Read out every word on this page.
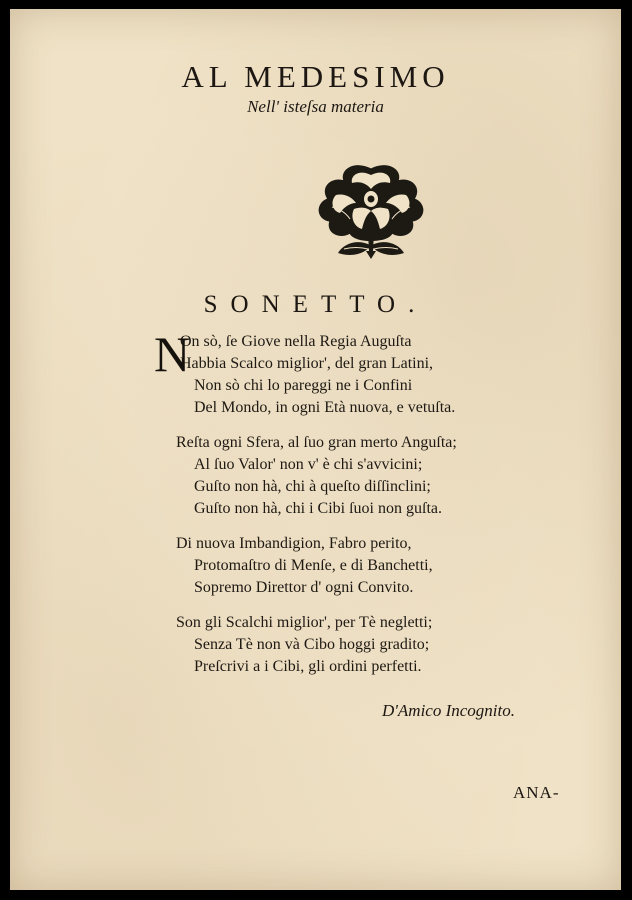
AL MEDESIMO
Nell' isteſsa materia
SONETTO.
N
On sò, ſe Giove nella Regia Auguſta
Habbia Scalco miglior', del gran Latini,
Non sò chi lo pareggi ne i Confini
Del Mondo, in ogni Età nuova, e vetuſta.
Reſta ogni Sfera, al ſuo gran merto Anguſta;
Al ſuo Valor' non v' è chi s'avvicini;
Guſto non hà, chi à queſto diſſinclini;
Guſto non hà, chi i Cibi ſuoi non guſta.
Di nuova Imbandigion, Fabro perito,
Protomaſtro di Menſe, e di Banchetti,
Sopremo Direttor d' ogni Convito.
Son gli Scalchi miglior', per Tè negletti;
Senza Tè non và Cibo hoggi gradito;
Preſcrivi a i Cibi, gli ordini perfetti.
D'Amico Incognito.
ANA-
